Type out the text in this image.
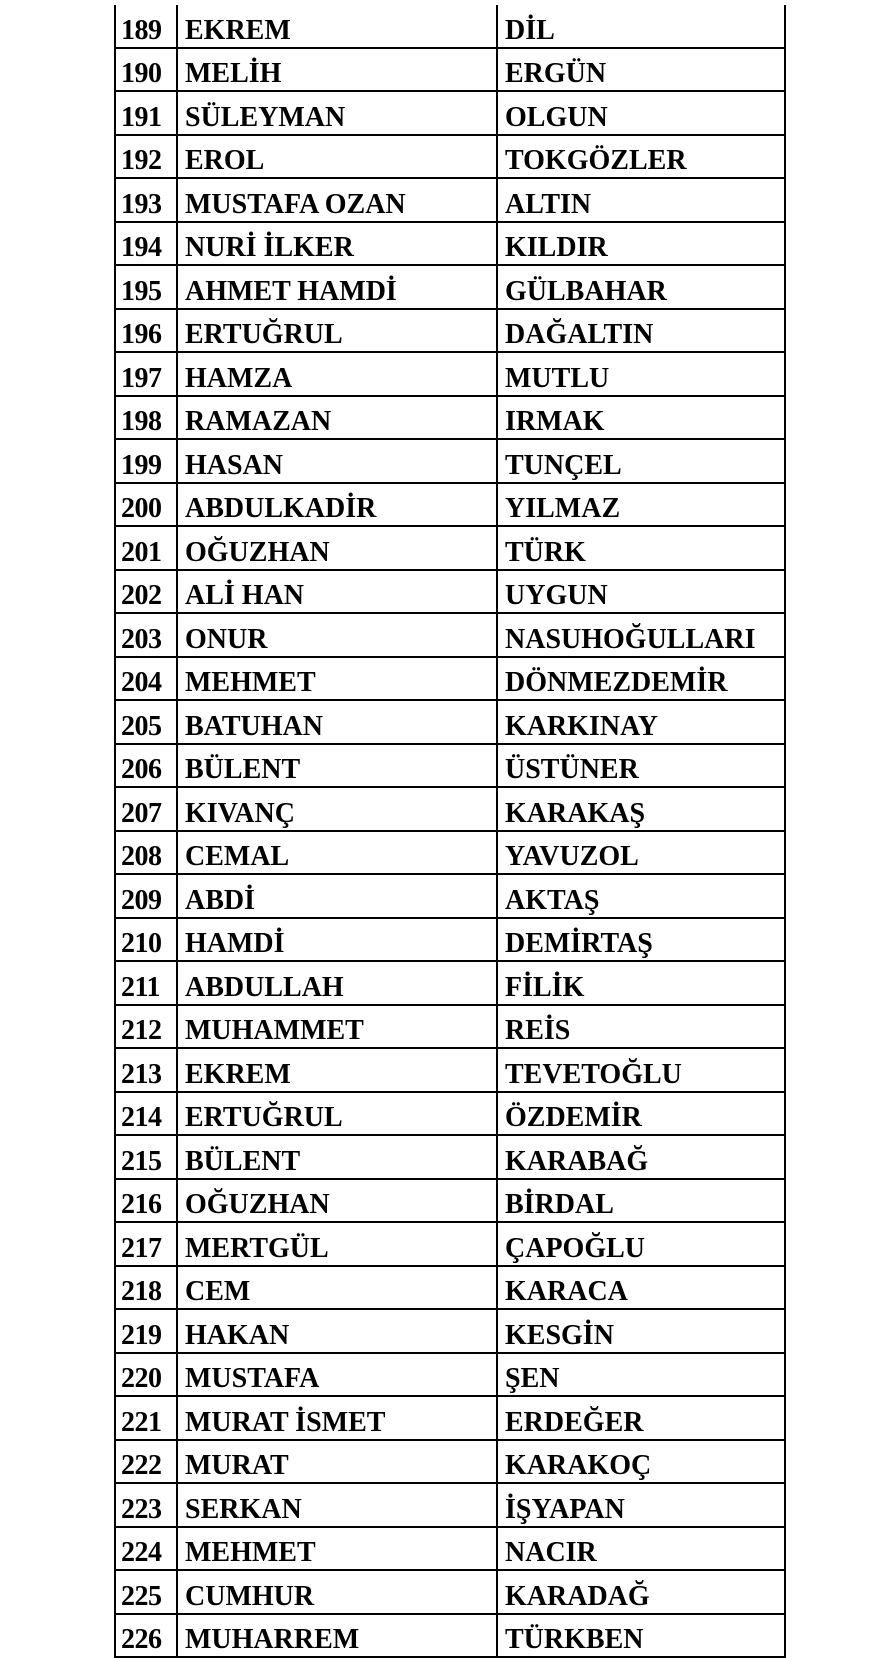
189	EKREM	DİL
190	MELİH	ERGÜN
191	SÜLEYMAN	OLGUN
192	EROL	TOKGÖZLER
193	MUSTAFA OZAN	ALTIN
194	NURİ İLKER	KILDIR
195	AHMET HAMDİ	GÜLBAHAR
196	ERTUĞRUL	DAĞALTIN
197	HAMZA	MUTLU
198	RAMAZAN	IRMAK
199	HASAN	TUNÇEL
200	ABDULKADİR	YILMAZ
201	OĞUZHAN	TÜRK
202	ALİ HAN	UYGUN
203	ONUR	NASUHOĞULLARI
204	MEHMET	DÖNMEZDEMİR
205	BATUHAN	KARKINAY
206	BÜLENT	ÜSTÜNER
207	KIVANÇ	KARAKAŞ
208	CEMAL	YAVUZOL
209	ABDİ	AKTAŞ
210	HAMDİ	DEMİRTAŞ
211	ABDULLAH	FİLİK
212	MUHAMMET	REİS
213	EKREM	TEVETOĞLU
214	ERTUĞRUL	ÖZDEMİR
215	BÜLENT	KARABAĞ
216	OĞUZHAN	BİRDAL
217	MERTGÜL	ÇAPOĞLU
218	CEM	KARACA
219	HAKAN	KESGİN
220	MUSTAFA	ŞEN
221	MURAT İSMET	ERDEĞER
222	MURAT	KARAKOÇ
223	SERKAN	İŞYAPAN
224	MEHMET	NACIR
225	CUMHUR	KARADAĞ
226	MUHARREM	TÜRKBEN
